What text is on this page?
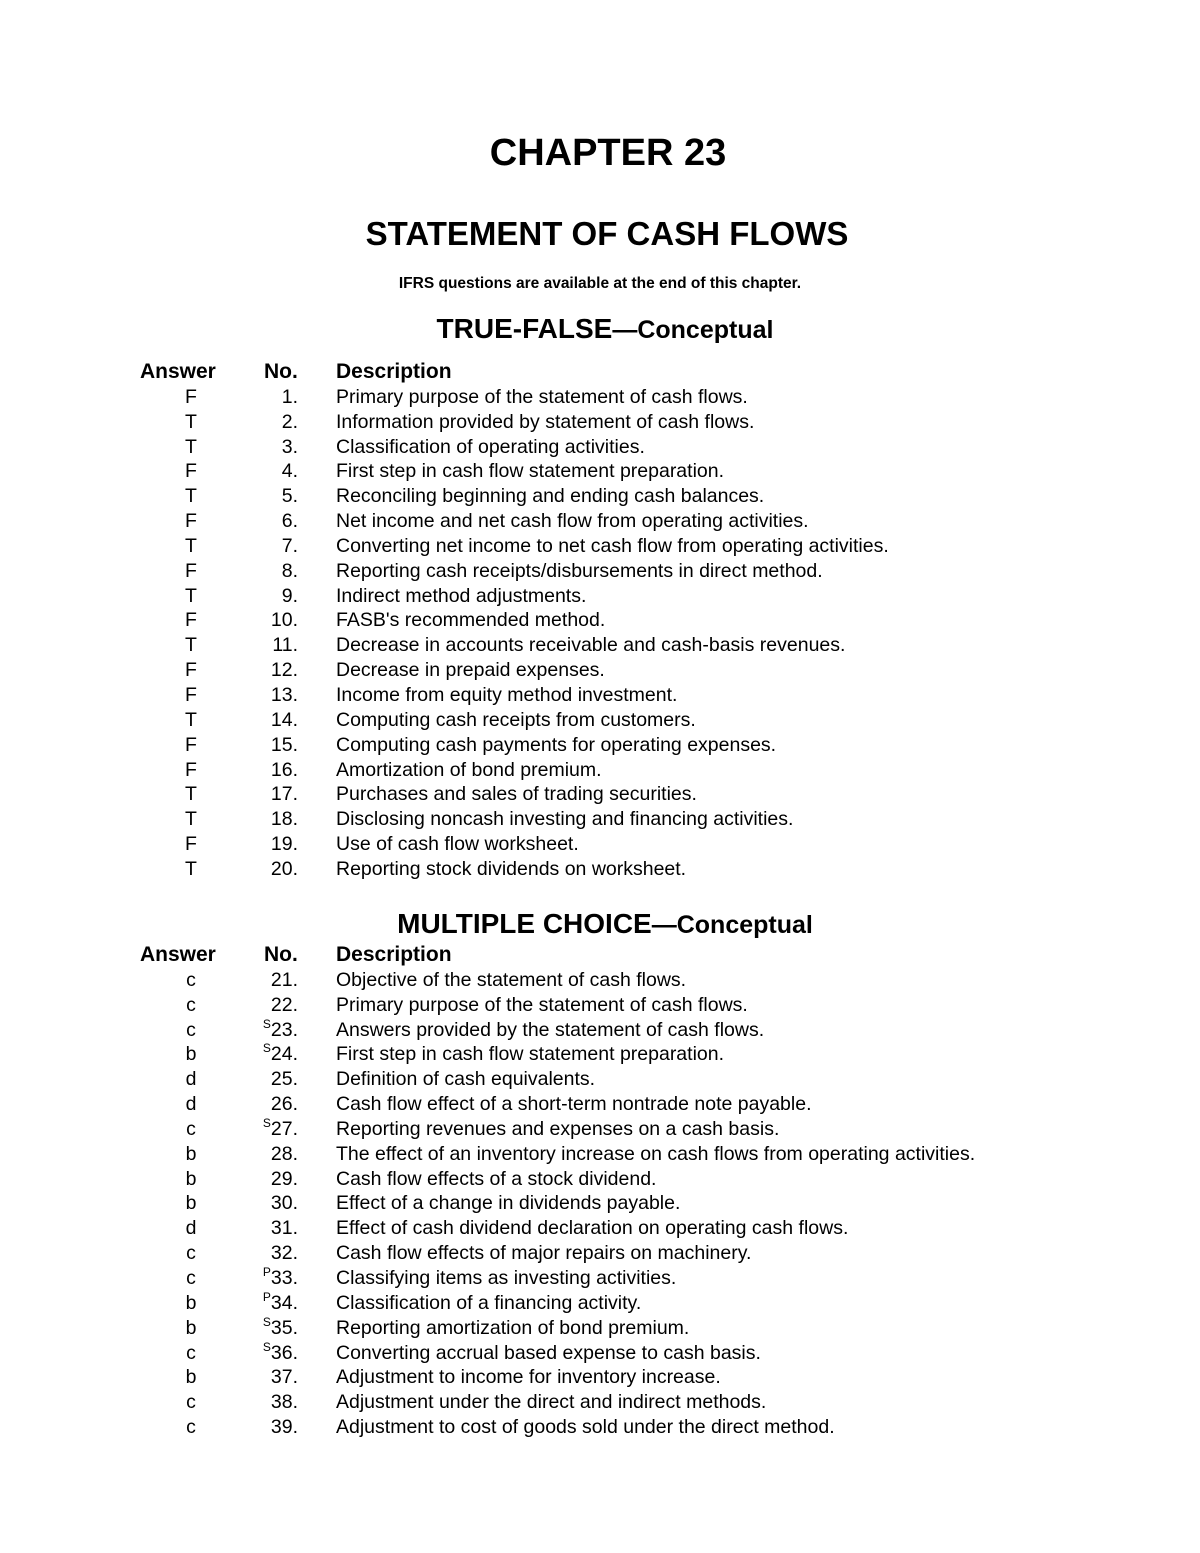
CHAPTER 23
STATEMENT OF CASH FLOWS
IFRS questions are available at the end of this chapter.
TRUE-FALSE—Conceptual
Answer	No.	Description
F	1. Primary purpose of the statement of cash flows.
T	2. Information provided by statement of cash flows.
T	3. Classification of operating activities.
F	4. First step in cash flow statement preparation.
T	5. Reconciling beginning and ending cash balances.
F	6. Net income and net cash flow from operating activities.
T	7. Converting net income to net cash flow from operating activities.
F	8. Reporting cash receipts/disbursements in direct method.
T	9. Indirect method adjustments.
F	10. FASB's recommended method.
T	11. Decrease in accounts receivable and cash-basis revenues.
F	12. Decrease in prepaid expenses.
F	13. Income from equity method investment.
T	14. Computing cash receipts from customers.
F	15. Computing cash payments for operating expenses.
F	16. Amortization of bond premium.
T	17. Purchases and sales of trading securities.
T	18. Disclosing noncash investing and financing activities.
F	19. Use of cash flow worksheet.
T	20. Reporting stock dividends on worksheet.
MULTIPLE CHOICE—Conceptual
Answer	No.	Description
c	21. Objective of the statement of cash flows.
c	22. Primary purpose of the statement of cash flows.
c	$^S$23. Answers provided by the statement of cash flows.
b	$^S$24. First step in cash flow statement preparation.
d	25. Definition of cash equivalents.
d	26. Cash flow effect of a short-term nontrade note payable.
c	$^S$27. Reporting revenues and expenses on a cash basis.
b	28. The effect of an inventory increase on cash flows from operating activities.
b	29. Cash flow effects of a stock dividend.
b	30. Effect of a change in dividends payable.
d	31. Effect of cash dividend declaration on operating cash flows.
c	32. Cash flow effects of major repairs on machinery.
c	$^P$33. Classifying items as investing activities.
b	$^P$34. Classification of a financing activity.
b	$^S$35. Reporting amortization of bond premium.
c	$^S$36. Converting accrual based expense to cash basis.
b	37. Adjustment to income for inventory increase.
c	38. Adjustment under the direct and indirect methods.
c	39. Adjustment to cost of goods sold under the direct method.
